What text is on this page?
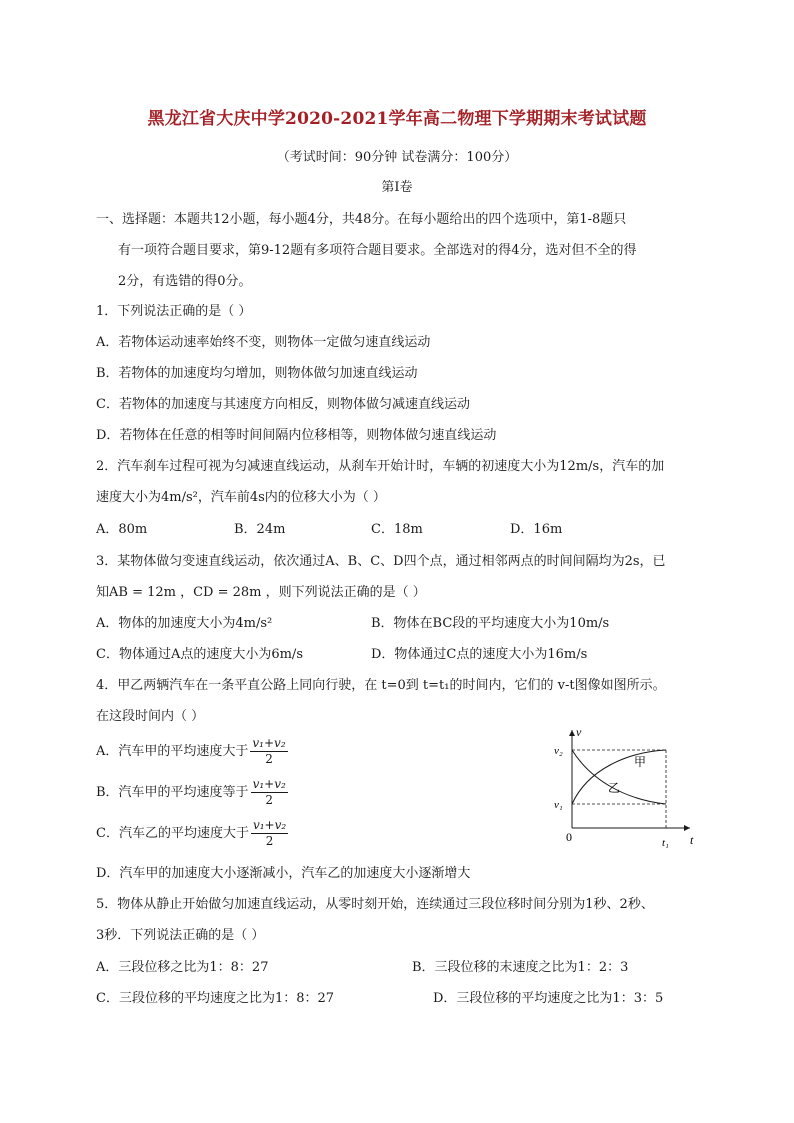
黑龙江省大庆中学2020-2021学年高二物理下学期期末考试试题
（考试时间：90分钟 试卷满分：100分）
第Ⅰ卷

一、选择题：本题共12小题，每小题4分，共48分。在每小题给出的四个选项中，第1-8题只

有一项符合题目要求，第9-12题有多项符合题目要求。全部选对的得4分，选对但不全的得

2分，有选错的得0分。

1．下列说法正确的是（ ）
A．若物体运动速率始终不变，则物体一定做匀速直线运动
B．若物体的加速度均匀增加，则物体做匀加速直线运动
C．若物体的加速度与其速度方向相反，则物体做匀减速直线运动
D．若物体在任意的相等时间间隔内位移相等，则物体做匀速直线运动
2．汽车刹车过程可视为匀减速直线运动，从刹车开始计时，车辆的初速度大小为12m/s，汽车的加
速度大小为4m/s²，汽车前4s内的位移大小为（ ）
A．80m	B．24m	C．18m	D．16m
3．某物体做匀变速直线运动，依次通过A、B、C、D四个点，通过相邻两点的时间间隔均为2s，已
知AB = 12m ，CD = 28m ，则下列说法正确的是（ ）
A．物体的加速度大小为4m/s²	B．物体在BC段的平均速度大小为10m/s
C．物体通过A点的速度大小为6m/s	D．物体通过C点的速度大小为16m/s
4．甲乙两辆汽车在一条平直公路上同向行驶，在 t=0到 t=t₁的时间内，它们的 v-t图像如图所示。
在这段时间内（ ）
A．汽车甲的平均速度大于 $\frac{\text{v₁+v₂}}{2}$
B．汽车甲的平均速度等于 $\frac{\text{v₁+v₂}}{2}$
C．汽车乙的平均速度大于 $\frac{\text{v₁+v₂}}{2}$
D．汽车甲的加速度大小逐渐减小，汽车乙的加速度大小逐渐增大
v
t
0
v₂
v₁
t₁
甲
乙
5．物体从静止开始做匀加速直线运动，从零时刻开始，连续通过三段位移时间分别为1秒、2秒、
3秒．下列说法正确的是（ ）
A．三段位移之比为1：8：27	B．三段位移的末速度之比为1：2：3
C．三段位移的平均速度之比为1：8：27	D．三段位移的平均速度之比为1：3：5
